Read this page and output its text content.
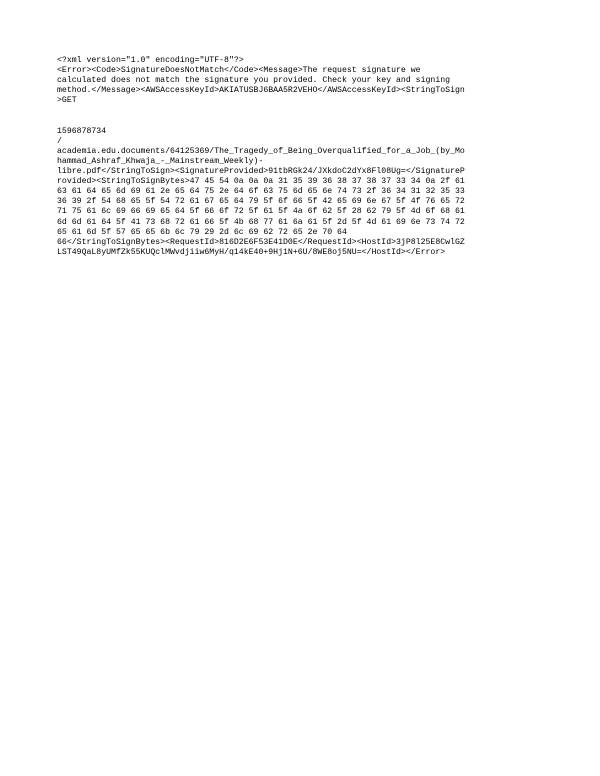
<?xml version="1.0" encoding="UTF-8"?>
<Error><Code>SignatureDoesNotMatch</Code><Message>The request signature we
calculated does not match the signature you provided. Check your key and signing
method.</Message><AWSAccessKeyId>AKIATUSBJ6BAA5R2VEHO</AWSAccessKeyId><StringToSign
>GET

1596878734
/
academia.edu.documents/64125369/The_Tragedy_of_Being_Overqualified_for_a_Job_(by_Mo
hammad_Ashraf_Khwaja_-_Mainstream_Weekly)-
libre.pdf</StringToSign><SignatureProvided>91tbRGk24/JXkdoC2dYx8Fl08Ug=</SignatureP
rovided><StringToSignBytes>47 45 54 0a 0a 0a 31 35 39 36 38 37 38 37 33 34 0a 2f 61
63 61 64 65 6d 69 61 2e 65 64 75 2e 64 6f 63 75 6d 65 6e 74 73 2f 36 34 31 32 35 33
36 39 2f 54 68 65 5f 54 72 61 67 65 64 79 5f 6f 66 5f 42 65 69 6e 67 5f 4f 76 65 72
71 75 61 6c 69 66 69 65 64 5f 66 6f 72 5f 61 5f 4a 6f 62 5f 28 62 79 5f 4d 6f 68 61
6d 6d 61 64 5f 41 73 68 72 61 66 5f 4b 68 77 61 6a 61 5f 2d 5f 4d 61 69 6e 73 74 72
65 61 6d 5f 57 65 65 6b 6c 79 29 2d 6c 69 62 72 65 2e 70 64
66</StringToSignBytes><RequestId>816D2E6F53E41D0E</RequestId><HostId>3jP8l25E8CwlGZ
LST49QaL8yUMfZk55KUQclMWvdjiiw6MyH/q14kE40+9Hj1N+6U/8WE8oj5NU=</HostId></Error>
